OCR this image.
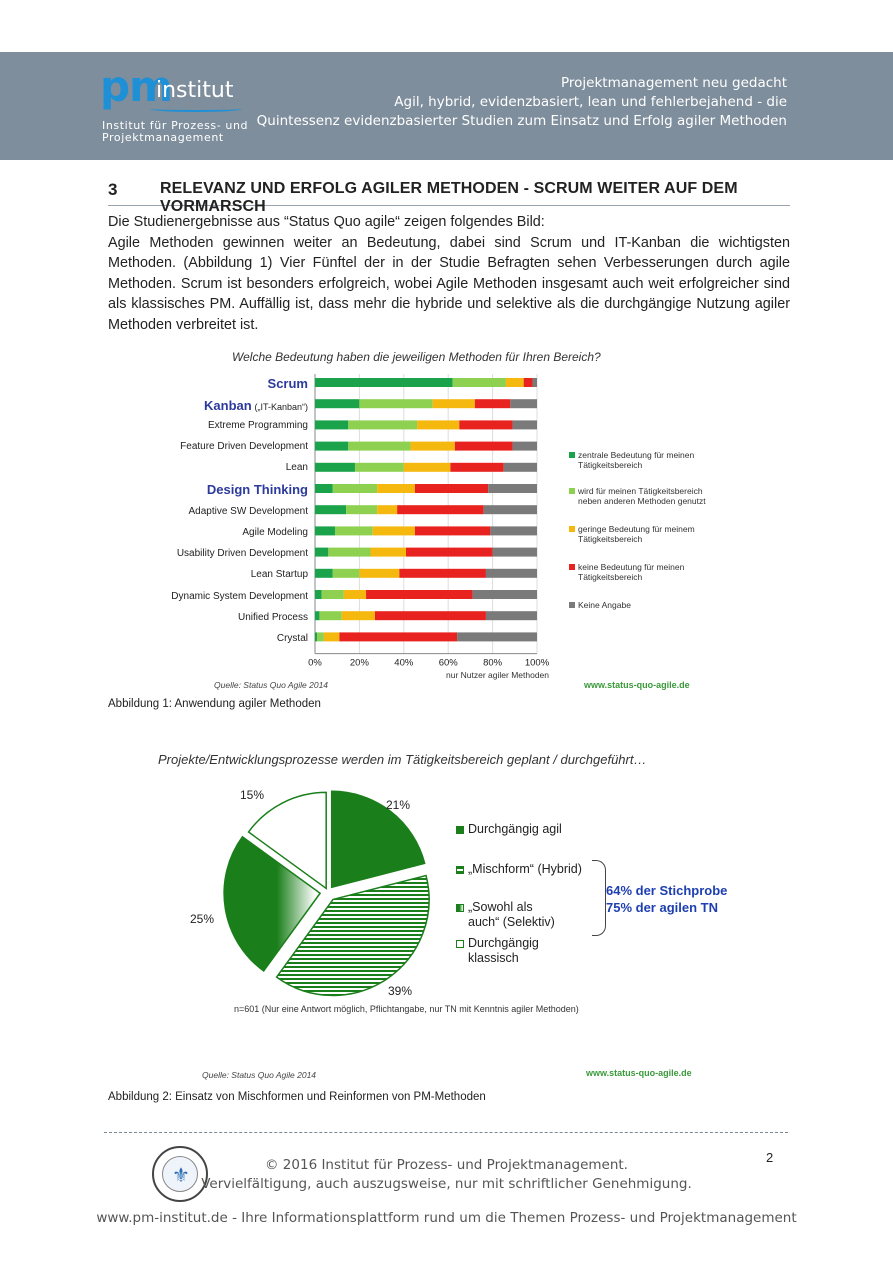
pm
institut
Institut für Prozess- und
Projektmanagement
Projektmanagement neu gedacht
Agil, hybrid, evidenzbasiert, lean und fehlerbejahend - die
Quintessenz evidenzbasierter Studien zum Einsatz und Erfolg agiler Methoden
3	RELEVANZ UND ERFOLG AGILER METHODEN - SCRUM WEITER AUF DEM VORMARSCH

Die Studienergebnisse aus “Status Quo agile“ zeigen folgendes Bild:

Agile Methoden gewinnen weiter an Bedeutung, dabei sind Scrum und IT-Kanban die wichtigsten Methoden. (Abbildung 1) Vier Fünftel der in der Studie Befragten sehen Verbesserungen durch agile Methoden. Scrum ist besonders erfolgreich, wobei Agile Methoden insgesamt auch weit erfolgreicher sind als klassisches PM. Auffällig ist, dass mehr die hybride und selektive als die durchgängige Nutzung agiler Methoden verbreitet ist.

Welche Bedeutung haben die jeweiligen Methoden für Ihren Bereich?
Scrum
Kanban („IT-Kanban“)
Extreme Programming
Feature Driven Development
Lean
Design Thinking
Adaptive SW Development
Agile Modeling
Usability Driven Development
Lean Startup
Dynamic System Development
Unified Process
Crystal
0%	20%	40%	60%	80% 100%
zentrale Bedeutung für meinen
Tätigkeitsbereich
wird für meinen Tätigkeitsbereich
neben anderen Methoden genutzt
geringe Bedeutung für meinem
Tätigkeitsbereich
keine Bedeutung für meinen
Tätigkeitsbereich
Keine Angabe
nur Nutzer agiler Methoden
Quelle: Status Quo Agile 2014	www.status-quo-agile.de
Abbildung 1: Anwendung agiler Methoden
Projekte/Entwicklungsprozesse werden im Tätigkeitsbereich geplant / durchgeführt…
21%
39%
25%
15%
Durchgängig agil
„Mischform“ (Hybrid)
„Sowohl als
auch“ (Selektiv)
Durchgängig
klassisch
64% der Stichprobe
75% der agilen TN
n=601 (Nur eine Antwort möglich, Pflichtangabe, nur TN mit Kenntnis agiler Methoden)
Quelle: Status Quo Agile 2014	www.status-quo-agile.de
Abbildung 2: Einsatz von Mischformen und Reinformen von PM-Methoden
2
⚜	© 2016 Institut für Prozess- und Projektmanagement.
Vervielfältigung, auch auszugsweise, nur mit schriftlicher Genehmigung.
www.pm-institut.de - Ihre Informationsplattform rund um die Themen Prozess- und Projektmanagement
